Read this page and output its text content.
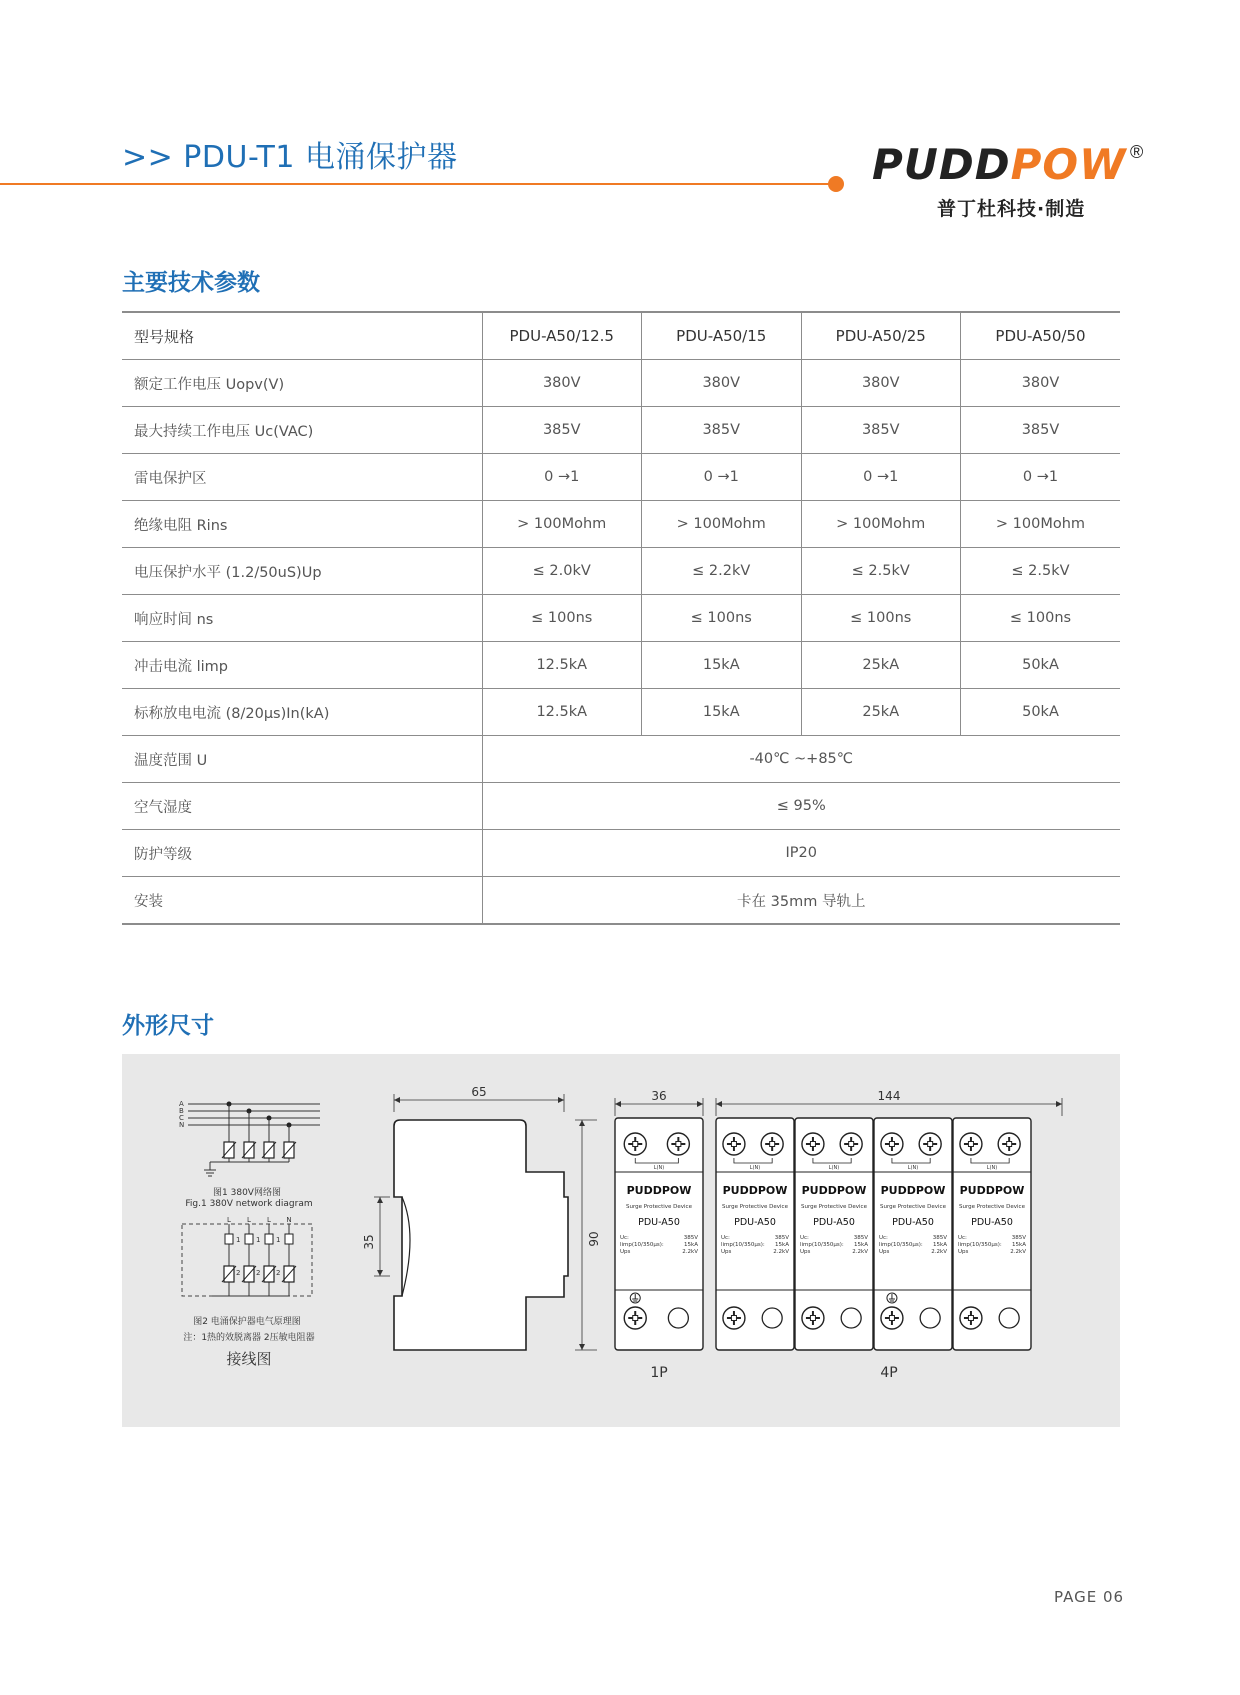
>> PDU-T1 电涌保护器	PUDDPOW ®
普丁杜科技·制造
主要技术参数
型号规格	PDU-A50/12.5	PDU-A50/15	PDU-A50/25	PDU-A50/50
额定工作电压 Uopv(V)	380V	380V	380V	380V
最大持续工作电压 Uc(VAC)	385V	385V	385V	385V
雷电保护区	0 →1	0 →1	0 →1	0 →1
绝缘电阻 Rins	> 100Mohm	> 100Mohm	> 100Mohm	> 100Mohm
电压保护水平 (1.2/50uS)Up	≤ 2.0kV	≤ 2.2kV	≤ 2.5kV	≤ 2.5kV
响应时间 ns	≤ 100ns	≤ 100ns	≤ 100ns	≤ 100ns
冲击电流 limp	12.5kA	15kA	25kA	50kA
标称放电电流 (8/20µs)In(kA)	12.5kA	15kA	25kA	50kA
温度范围 U	-40℃ ~+85℃			
空气湿度	≤ 95%			
防护等级	IP20			
安装	卡在 35mm 导轨上			
外形尺寸
A
B
C
N
图1 380V网络图
Fig.1 380V network diagram
L L L N
1 1 1
2 2 2
图2 电涌保护器电气原理图
注：1热的效脱离器 2压敏电阻器
接线图
65
35	90
36	144
L(N)
PUDDPOW
Surge Protective Device
PDU-A50
Uc:	385V
limp(10/350µs):	15kA
Ups	2.2kV
L(N)
PUDDPOW
Surge Protective Device
PDU-A50
Uc:	385V
limp(10/350µs): 15kA
Ups	2.2kV
L(N)
PUDDPOW
Surge Protective Device
PDU-A50
Uc:	385V
limp(10/350µs): 15kA
Ups	2.2kV
L(N)
PUDDPOW
Surge Protective Device
PDU-A50
Uc:	385V
limp(10/350µs): 15kA
Ups	2.2kV
L(N)
PUDDPOW
Surge Protective Device
PDU-A50
Uc:	385V
limp(10/350µs): 15kA
Ups	2.2kV
1P	4P
PAGE 06
